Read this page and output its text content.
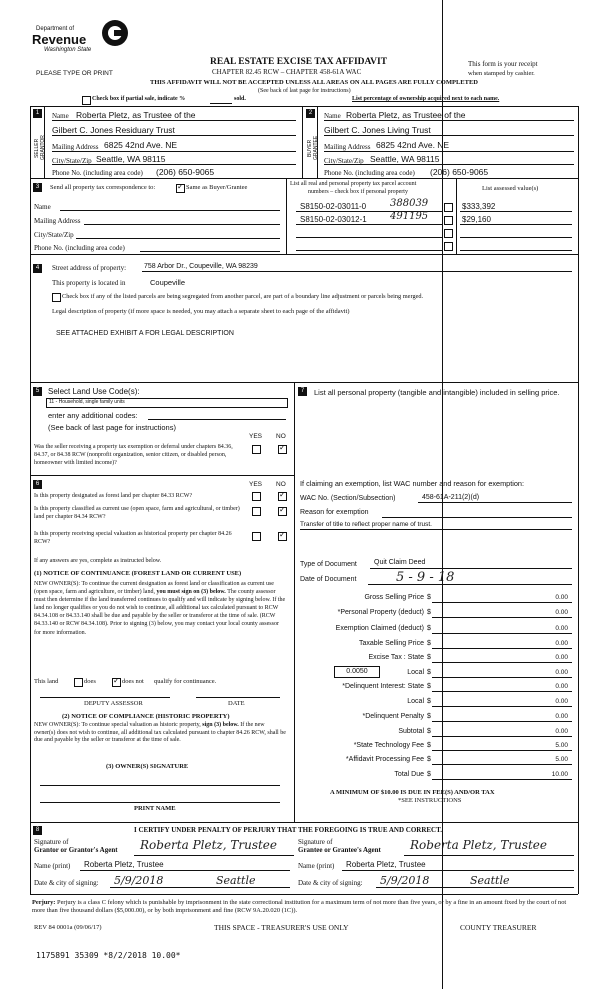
Department of
Revenue
Washington State
PLEASE TYPE OR PRINT
REAL ESTATE EXCISE TAX AFFIDAVIT
CHAPTER 82.45 RCW – CHAPTER 458-61A WAC
This form is your receipt
when stamped by cashier.
THIS AFFIDAVIT WILL NOT BE ACCEPTED UNLESS ALL AREAS ON ALL PAGES ARE FULLY COMPLETED
(See back of last page for instructions)
Check box if partial sale, indicate %	sold.	List percentage of ownership acquired next to each name.
1
SELLER GRANTOR
Name Roberta Pletz, as Trustee of the
Gilbert C. Jones Residuary Trust
Mailing Address 6825 42nd Ave. NE
City/State/Zip Seattle, WA 98115
Phone No. (including area code) (206) 650-9065
2
BUYER GRANTEE
Name Roberta Pletz, as Trustee of the
Gilbert C. Jones Living Trust
Mailing Address 6825 42nd Ave. NE
City/State/Zip Seattle, WA 98115
Phone No. (including area code) (206) 650-9065
3	Send all property tax correspondence to: ✓	Same as Buyer/Grantee
Name
Mailing Address
City/State/Zip
Phone No. (including area code)
List all real and personal property tax parcel account
numbers – check box if personal property	List assessed value(s)
S8150-02-03011-0 388039	$333,392
S8150-02-03012-1 491195	$29,160
4	Street address of property:	758 Arbor Dr., Coupeville, WA 98239
This property is located in	Coupeville
Check box if any of the listed parcels are being segregated from another parcel, are part of a boundary line adjustment or parcels being merged.
Legal description of property (if more space is needed, you may attach a separate sheet to each page of the affidavit)
SEE ATTACHED EXHIBIT A FOR LEGAL DESCRIPTION
5	Select Land Use Code(s):
11 - Household, single family units
enter any additional codes:
(See back of last page for instructions)
YES NO
Was the seller receiving a property tax exemption or deferral under chapters 84.36, 84.37, or 84.38 RCW (nonprofit organization, senior citizen, or disabled person, homeowner with limited income)?
✓
6	YES NO
Is this property designated as forest land per chapter 84.33 RCW?
✓
Is this property classified as current use (open space, farm and agricultural, or timber) land per chapter 84.34 RCW?
✓
Is this property receiving special valuation as historical property per chapter 84.26 RCW?
✓
If any answers are yes, complete as instructed below.
(1) NOTICE OF CONTINUANCE (FOREST LAND OR CURRENT USE)
NEW OWNER(S): To continue the current designation as forest land or classification as current use (open space, farm and agriculture, or timber) land, you must sign on (3) below. The county assessor must then determine if the land transferred continues to qualify and will indicate by signing below. If the land no longer qualifies or you do not wish to continue, all additional tax calculated pursuant to RCW 84.34.108 or 84.33.140 shall be due and payable by the seller or transferor at the time of sale. (RCW 84.33.140 or RCW 84.34.108). Prior to signing (3) below, you may contact your local county assessor for more information.
This land	does ✓	does not qualify for continuance.
DEPUTY ASSESSOR	DATE
(2) NOTICE OF COMPLIANCE (HISTORIC PROPERTY)
NEW OWNER(S): To continue special valuation as historic property, sign (3) below. If the new owner(s) does not wish to continue, all additional tax calculated pursuant to chapter 84.26 RCW, shall be due and payable by the seller or transferor at the time of sale.
(3) OWNER(S) SIGNATURE
PRINT NAME
7	List all personal property (tangible and intangible) included in selling price.
If claiming an exemption, list WAC number and reason for exemption:
WAC No. (Section/Subsection)	458-61A-211(2)(d)
Reason for exemption
Transfer of title to reflect proper name of trust.
Type of Document Quit Claim Deed
Date of Document	5 - 9 - 18
Gross Selling Price $	0.00
*Personal Property (deduct) $	0.00
Exemption Claimed (deduct) $	0.00
Taxable Selling Price $	0.00
Excise Tax : State $	0.00
0.0050	Local $	0.00
*Delinquent Interest: State $	0.00
Local $	0.00
*Delinquent Penalty $	0.00
Subtotal $	0.00
*State Technology Fee $	5.00
*Affidavit Processing Fee $	5.00
Total Due $	10.00
A MINIMUM OF $10.00 IS DUE IN FEE(S) AND/OR TAX
*SEE INSTRUCTIONS
8	I CERTIFY UNDER PENALTY OF PERJURY THAT THE FOREGOING IS TRUE AND CORRECT.
Signature of
Grantor or Grantor's Agent Roberta Pletz, Trustee	Signature of
Grantee or Grantee's Agent Roberta Pletz, Trustee
Name (print) Roberta Pletz, Trustee	Name (print) Roberta Pletz, Trustee
Date & city of signing: 5/9/2018	Seattle	Date & city of signing: 5/9/2018	Seattle
Perjury: Perjury is a class C felony which is punishable by imprisonment in the state correctional institution for a maximum term of not more than five years, or by a fine in an amount fixed by the court of not more than five thousand dollars ($5,000.00), or by both imprisonment and fine (RCW 9A.20.020 (1C)).
REV 84 0001a (09/06/17)	THIS SPACE - TREASURER'S USE ONLY	COUNTY TREASURER
1175891 35309 *8/2/2018 10.00*
